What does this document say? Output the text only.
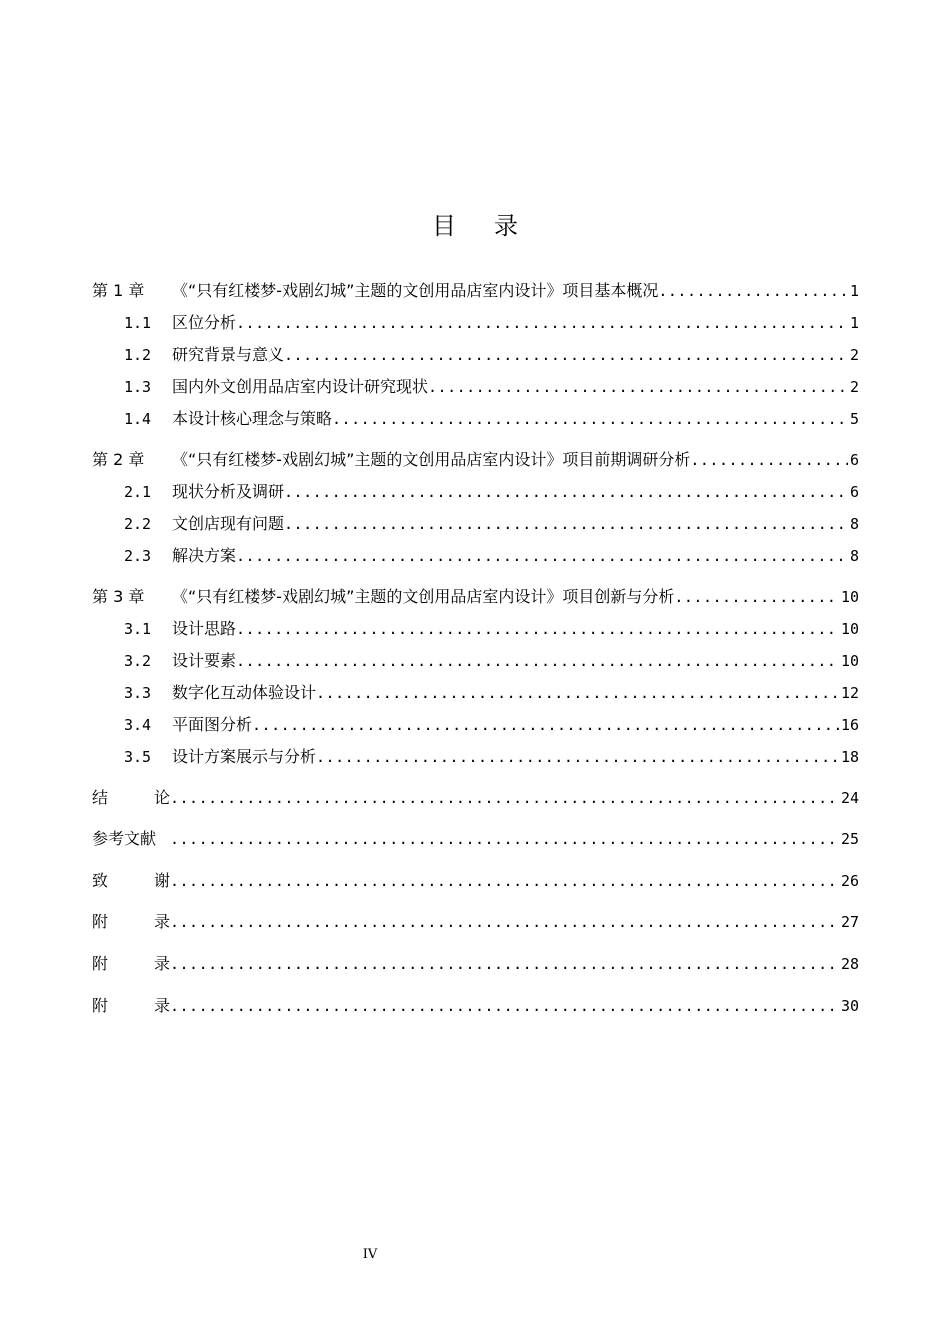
目录
第 1 章	《“只有红楼梦-戏剧幻城”主题的文创用品店室内设计》项目基本概况 .....	1
1.1	区位分析 .....	1
1.2	研究背景与意义 .....	2
1.3	国内外文创用品店室内设计研究现状 .....	2
1.4	本设计核心理念与策略 .....	5
第 2 章	《“只有红楼梦-戏剧幻城”主题的文创用品店室内设计》项目前期调研分析 .....	6
2.1	现状分析及调研 .....	6
2.2	文创店现有问题 .....	8
2.3	解决方案 .....	8
第 3 章	《“只有红楼梦-戏剧幻城”主题的文创用品店室内设计》项目创新与分析 .....	10
3.1	设计思路 .....	10
3.2	设计要素 .....	10
3.3	数字化互动体验设计 .....	12
3.4	平面图分析 .....	16
3.5	设计方案展示与分析 .....	18
结	论 .....	24
参考文献 .....	25
致	谢 .....	26
附	录 .....	27
附	录 .....	28
附	录 .....	30
IV
